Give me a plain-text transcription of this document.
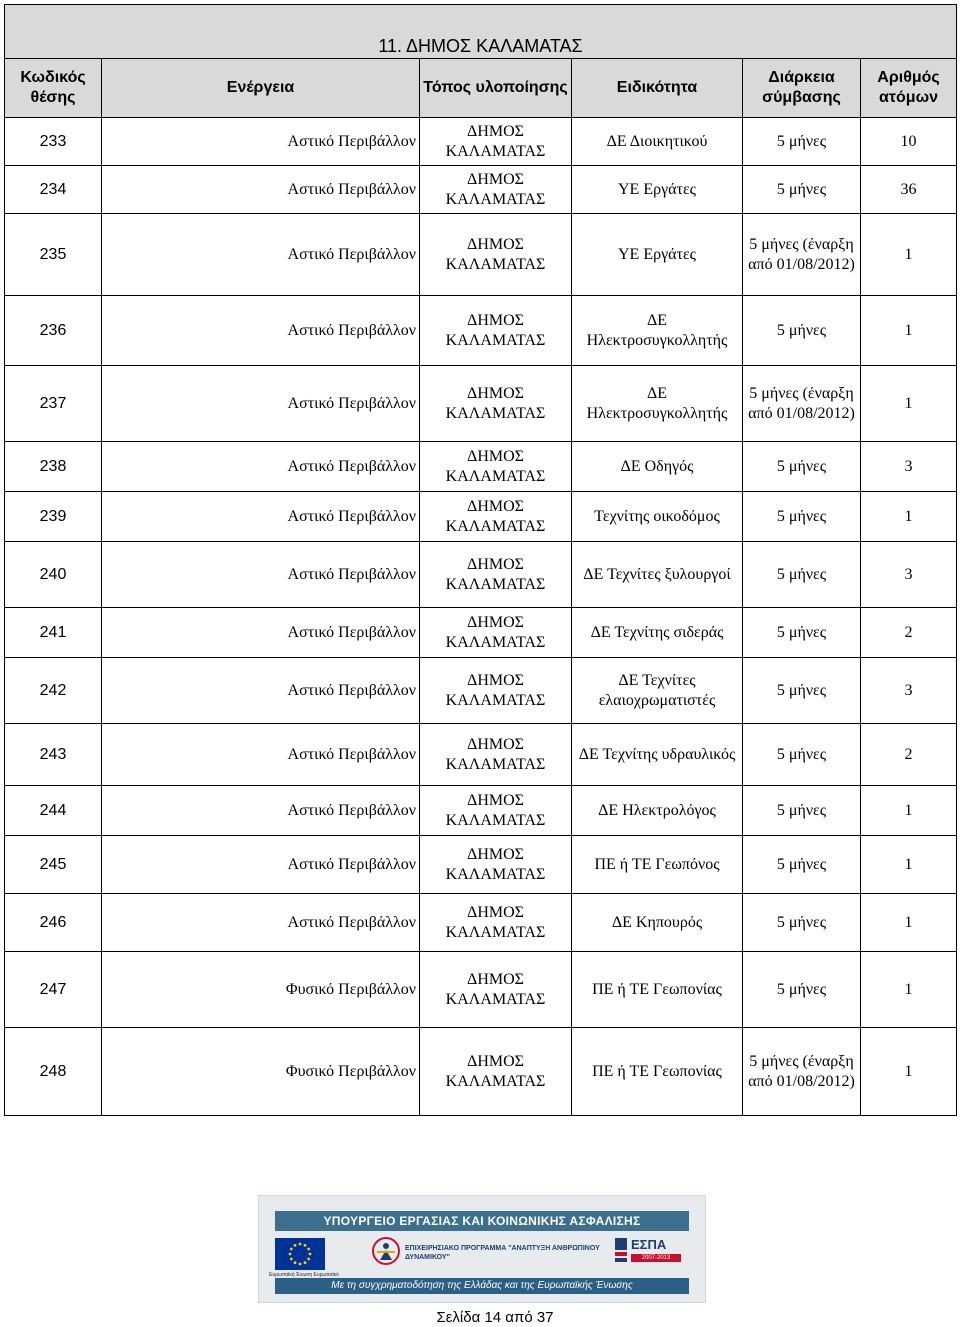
11. ΔΗΜΟΣ ΚΑΛΑΜΑΤΑΣ					
Κωδικός θέσης	Ενέργεια	Τόπος υλοποίησης	Ειδικότητα	Διάρκεια σύμβασης	Αριθμός ατόμων
233	Αστικό Περιβάλλον	ΔΗΜΟΣ ΚΑΛΑΜΑΤΑΣ	ΔΕ Διοικητικού	5 μήνες	10
234	Αστικό Περιβάλλον	ΔΗΜΟΣ ΚΑΛΑΜΑΤΑΣ	ΥΕ Εργάτες	5 μήνες	36
235	Αστικό Περιβάλλον	ΔΗΜΟΣ ΚΑΛΑΜΑΤΑΣ	ΥΕ Εργάτες	5 μήνες (έναρξη από 01/08/2012)	1
236	Αστικό Περιβάλλον	ΔΗΜΟΣ ΚΑΛΑΜΑΤΑΣ	ΔΕ Ηλεκτροσυγκολλητής	5 μήνες	1
237	Αστικό Περιβάλλον	ΔΗΜΟΣ ΚΑΛΑΜΑΤΑΣ	ΔΕ Ηλεκτροσυγκολλητής	5 μήνες (έναρξη από 01/08/2012)	1
238	Αστικό Περιβάλλον	ΔΗΜΟΣ ΚΑΛΑΜΑΤΑΣ	ΔΕ Οδηγός	5 μήνες	3
239	Αστικό Περιβάλλον	ΔΗΜΟΣ ΚΑΛΑΜΑΤΑΣ	Τεχνίτης οικοδόμος	5 μήνες	1
240	Αστικό Περιβάλλον	ΔΗΜΟΣ ΚΑΛΑΜΑΤΑΣ	ΔΕ Τεχνίτες ξυλουργοί	5 μήνες	3
241	Αστικό Περιβάλλον	ΔΗΜΟΣ ΚΑΛΑΜΑΤΑΣ	ΔΕ Τεχνίτης σιδεράς	5 μήνες	2
242	Αστικό Περιβάλλον	ΔΗΜΟΣ ΚΑΛΑΜΑΤΑΣ	ΔΕ Τεχνίτες ελαιοχρωματιστές	5 μήνες	3
243	Αστικό Περιβάλλον	ΔΗΜΟΣ ΚΑΛΑΜΑΤΑΣ	ΔΕ Τεχνίτης υδραυλικός	5 μήνες	2
244	Αστικό Περιβάλλον	ΔΗΜΟΣ ΚΑΛΑΜΑΤΑΣ	ΔΕ Ηλεκτρολόγος	5 μήνες	1
245	Αστικό Περιβάλλον	ΔΗΜΟΣ ΚΑΛΑΜΑΤΑΣ	ΠΕ ή ΤΕ Γεωπόνος	5 μήνες	1
246	Αστικό Περιβάλλον	ΔΗΜΟΣ ΚΑΛΑΜΑΤΑΣ	ΔΕ Κηπουρός	5 μήνες	1
247	Φυσικό Περιβάλλον	ΔΗΜΟΣ ΚΑΛΑΜΑΤΑΣ	ΠΕ ή ΤΕ Γεωπονίας	5 μήνες	1
248	Φυσικό Περιβάλλον	ΔΗΜΟΣ ΚΑΛΑΜΑΤΑΣ	ΠΕ ή ΤΕ Γεωπονίας	5 μήνες (έναρξη από 01/08/2012)	1
ΥΠΟΥΡΓΕΙΟ ΕΡΓΑΣΙΑΣ ΚΑΙ ΚΟΙΝΩΝΙΚΗΣ ΑΣΦΑΛΙΣΗΣ
Ευρωπαϊκή Ένωση Ευρωπαϊκό
ΕΠΙΧΕΙΡΗΣΙΑΚΟ ΠΡΟΓΡΑΜΜΑ "ΑΝΑΠΤΥΞΗ ΑΝΘΡΩΠΙΝΟΥ ΔΥΝΑΜΙΚΟΥ"
ΕΣΠΑ
2007-2013
Με τη συγχρηματοδότηση της Ελλάδας και της Ευρωπαϊκής Ένωσης
Σελίδα 14 από 37
